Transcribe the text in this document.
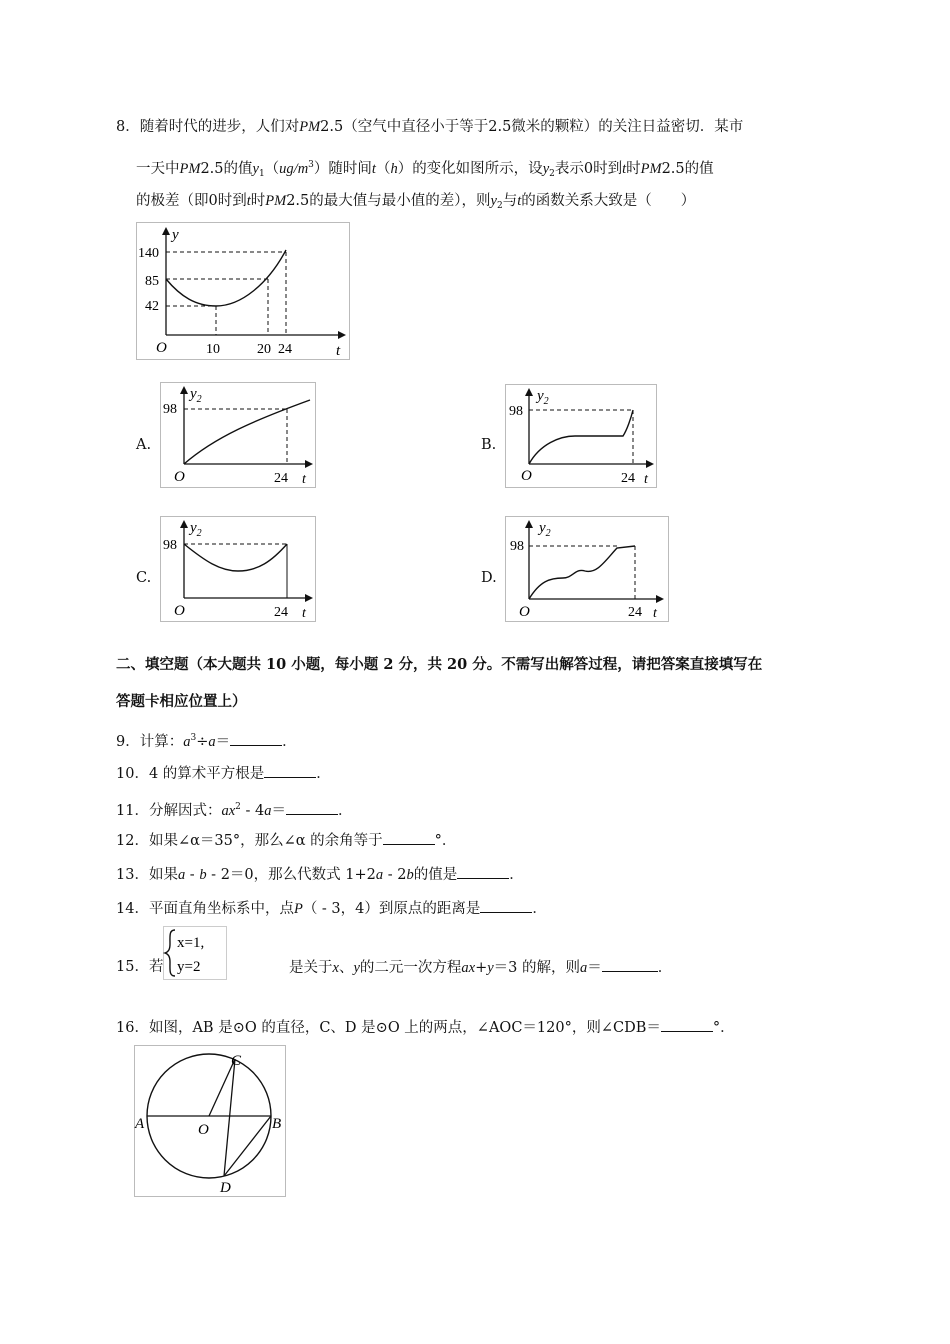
8．随着时代的进步，人们对PM2.5（空气中直径小于等于2.5微米的颗粒）的关注日益密切．某市
一天中PM2.5的值$y_1(ug/m^3)$随时间t（h）的变化如图所示，设$y_2$表示0时到t时PM2.5的值
的极差（即0时到t时PM2.5的最大值与最小值的差），则$y_2$与t的函数关系大致是（　　）
y
t
O
140
85
42
10	20 24
A.
$y_2$
98
24 t
O
B.
$y_2$
98
24 t
O
C.
$y_2$
98
24 t
O
D.
$y_2$
98
24 t
O
二、填空题（本大题共 10 小题，每小题 2 分，共 20 分。不需写出解答过程，请把答案直接填写在
答题卡相应位置上）
9．计算：$a^3\div a=$	．
10．4 的算术平方根是	．
11．分解因式：$ax^2 - 4a=$	．
12．如果∠α＝35°，那么∠α 的余角等于	°．
13．如果a - b - 2＝0，那么代数式 1+2a - 2b的值是	．
14．平面直角坐标系中，点P（ - 3，4）到原点的距离是	．
15．若
x=1,
y=2	是关于x、y的二元一次方程ax+y＝3 的解，则a＝	．
16．如图，AB 是⊙O 的直径，C、D 是⊙O 上的两点，∠AOC＝120°，则∠CDB＝	°．
A	B
C
D
O
